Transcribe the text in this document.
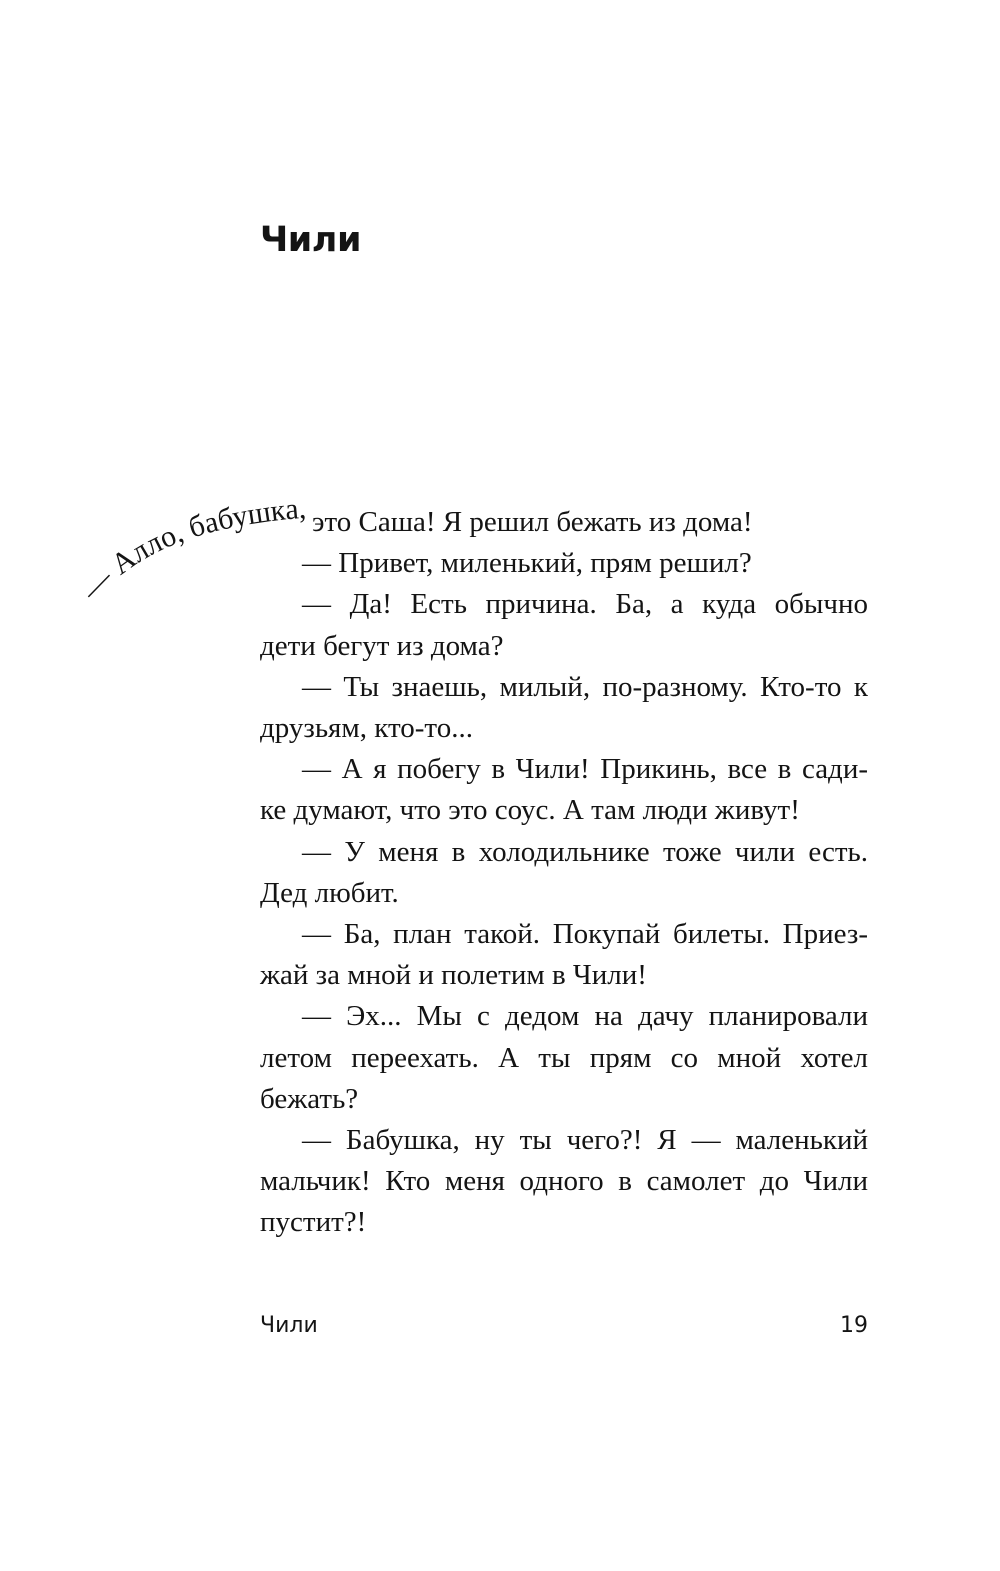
Чили
— Алло, бабушка, это Саша! Я решил бежать из дома!

— Привет, миленький, прям решил?

— Да! Есть причина. Ба, а куда обычно
дети бегут из дома?

— Ты знаешь, милый, по-разному. Кто-то к
друзьям, кто-то...

— А я побегу в Чили! Прикинь, все в сади-
ке думают, что это соус. А там люди живут!

— У меня в холодильнике тоже чили есть.
Дед любит.

— Ба, план такой. Покупай билеты. Приез-
жай за мной и полетим в Чили!

— Эх... Мы с дедом на дачу планировали
летом переехать. А ты прям со мной хотел
бежать?

— Бабушка, ну ты чего?! Я — маленький
мальчик! Кто меня одного в самолет до Чили
пустит?!

Чили	19
